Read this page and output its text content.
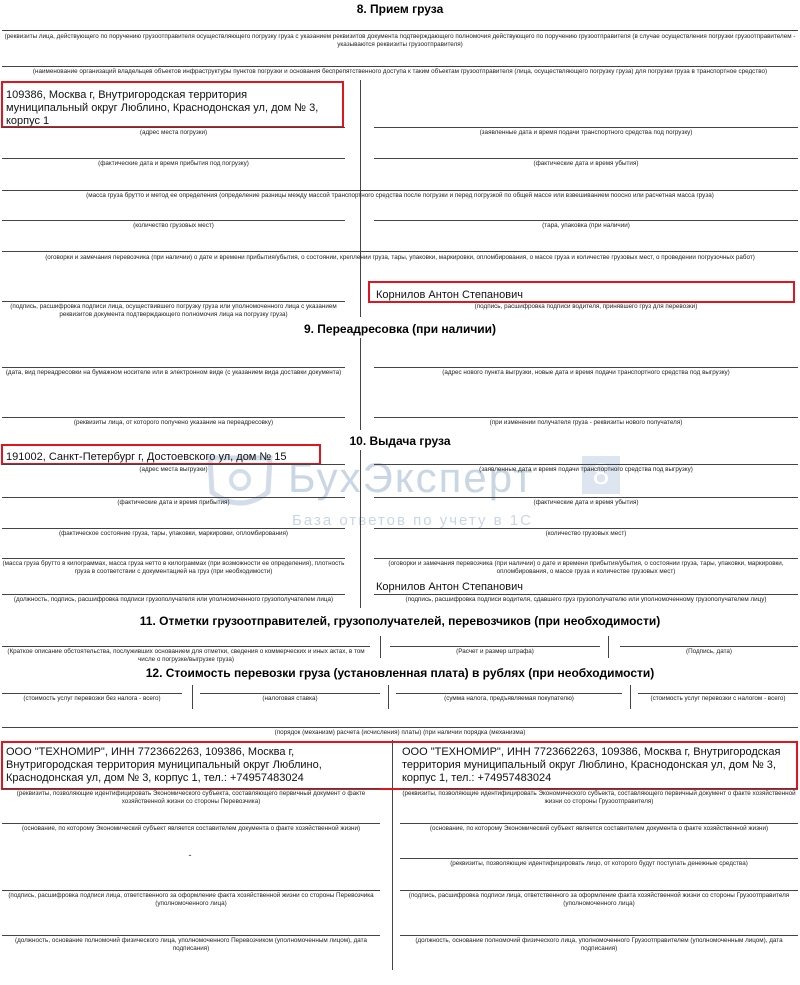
БухЭксперт	8
База ответов по учету в 1С
8. Прием груза
(реквизиты лица, действующего по поручению грузоотправителя осуществляющего погрузку груза с указанием реквизитов документа подтверждающего полномочия действующего по поручению грузоотправителя (в случае осуществления погрузки грузоотправителем - указываются реквизиты грузоотправителя)
(наименование организаций владельцев объектов инфраструктуры пунктов погрузки и основания беспрепятственного доступа к таким объектам грузоотправителя (лица, осуществляющего погрузку груза) для погрузки груза в транспортное средство)
109386, Москва г, Внутригородская территория муниципальный округ Люблино, Краснодонская ул, дом № 3, корпус 1
(адрес места погрузки)	(заявленные дата и время подачи транспортного средства под погрузку)
(фактические дата и время прибытия под погрузку)	(фактические дата и время убытия)
(масса груза брутто и метод ее определения (определение разницы между массой транспортного средства после погрузки и перед погрузкой по общей массе или взвешиванием поосно или расчетная масса груза)
(количество грузовых мест)	(тара, упаковка (при наличии)
(оговорки и замечания перевозчика (при наличии) о дате и времени прибытия/убытия, о состоянии, креплении груза, тары, упаковки, маркировки, опломбирования, о массе груза и количестве грузовых мест, о проведении погрузочных работ)
Корнилов Антон Степанович
(подпись, расшифровка подписи лица, осуществившего погрузку груза или уполномоченного лица с указанием реквизитов документа подтверждающего полномочия лица на погрузку груза)
(подпись, расшифровка подписи водителя, принявшего груз для перевозки)
9. Переадресовка (при наличии)
(дата, вид переадресовки на бумажном носителе или в электронном виде (с указанием вида доставки документа)	(адрес нового пункта выгрузки, новые дата и время подачи транспортного средства под выгрузку)
(реквизиты лица, от которого получено указание на переадресовку)	(при изменении получателя груза - реквизиты нового получателя)
10. Выдача груза
191002, Санкт-Петербург г, Достоевского ул, дом № 15
(адрес места выгрузки)	(заявленные дата и время подачи транспортного средства под выгрузку)
(фактические дата и время прибытия)	(фактические дата и время убытия)
(фактическое состояние груза, тары, упаковки, маркировки, опломбирования)	(количество грузовых мест)
(масса груза брутто в килограммах, масса груза нетто в килограммах (при возможности ее определения), плотность груза в соответствии с документацией на груз (при необходимости)
(оговорки и замечания перевозчика (при наличии) о дате и времени прибытия/убытия, о состоянии груза, тары, упаковки, маркировки, опломбирования, о массе груза и количестве грузовых мест)
Корнилов Антон Степанович
(должность, подпись, расшифровка подписи грузополучателя или уполномоченного грузополучателем лица)	(подпись, расшифровка подписи водителя, сдавшего груз грузополучателю или уполномоченному грузополучателем лицу)
11. Отметки грузоотправителей, грузополучателей, перевозчиков (при необходимости)
(Краткое описание обстоятельства, послуживших основанием для отметки, сведения о коммерческих и иных актах, в том числе о погрузке/выгрузке груза)
(Расчет и размер штрафа)	(Подпись, дата)
12. Стоимость перевозки груза (установленная плата) в рублях (при необходимости)
(стоимость услуг перевозки без налога - всего)	(налоговая ставка)	(сумма налога, предъявляемая покупателю)	(стоимость услуг перевозки с налогом - всего)
(порядок (механизм) расчета (исчисления) платы) (при наличии порядка (механизма)
ООО "ТЕХНОМИР", ИНН 7723662263, 109386, Москва г, Внутригородская территория муниципальный округ Люблино, Краснодонская ул, дом № 3, корпус 1, тел.: +74957483024
ООО "ТЕХНОМИР", ИНН 7723662263, 109386, Москва г, Внутригородская территория муниципальный округ Люблино, Краснодонская ул, дом № 3, корпус 1, тел.: +74957483024
(реквизиты, позволяющие идентифицировать Экономического субъекта, составляющего первичный документ о факте хозяйственной жизни со стороны Перевозчика)
(реквизиты, позволяющие идентифицировать Экономического субъекта, составляющего первичный документ о факте хозяйственной жизни со стороны Грузоотправителя)
(основание, по которому Экономический субъект является составителем документа о факте хозяйственной жизни)	(основание, по которому Экономический субъект является составителем документа о факте хозяйственной жизни)
-
(реквизиты, позволяющие идентифицировать лицо, от которого будут поступать денежные средства)
(подпись, расшифровка подписи лица, ответственного за оформление факта хозяйственной жизни со стороны Перевозчика (уполномоченного лица)
(подпись, расшифровка подписи лица, ответственного за оформление факта хозяйственной жизни со стороны Грузоотправителя (уполномоченного лица)
(должность, основание полномочий физического лица, уполномоченного Перевозчиком (уполномоченным лицом), дата подписания)
(должность, основание полномочий физического лица, уполномоченного Грузоотправителем (уполномоченным лицом), дата подписания)
